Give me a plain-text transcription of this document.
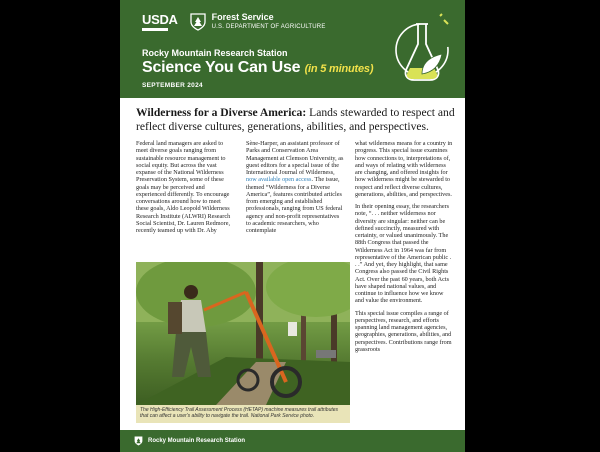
USDA	Forest Service
U.S. DEPARTMENT OF AGRICULTURE
Rocky Mountain Research Station
Science You Can Use (in 5 minutes)
SEPTEMBER 2024
Wilderness for a Diverse America: Lands stewarded to respect and reflect diverse cultures, generations, abilities, and perspectives.

Federal land managers are asked to meet diverse goals ranging from sustainable resource management to social equity. But across the vast expanse of the National Wilderness Preservation System, some of these goals may be perceived and experienced differently. To encourage conversations around how to meet these goals, Aldo Leopold Wilderness Research Institute (ALWRI) Research Social Scientist, Dr. Lauren Redmore, recently teamed up with Dr. Aby

Sène-Harper, an assistant professor of Parks and Conservation Area Management at Clemson University, as guest editors for a special issue of the International Journal of Wilderness, now available open access. The issue, themed “Wilderness for a Diverse America”, features contributed articles from emerging and established professionals, ranging from US federal agency and non-profit representatives to academic researchers, who contemplate

what wilderness means for a country in progress. This special issue examines how connections to, interpretations of, and ways of relating with wilderness are changing, and offered insights for how wilderness might be stewarded to respect and reflect diverse cultures, generations, abilities, and perspectives.

In their opening essay, the researchers note, “. . . neither wilderness nor diversity are singular: neither can be defined succinctly, measured with certainty, or valued unanimously. The 88th Congress that passed the Wilderness Act in 1964 was far from representative of the American public . . .” And yet, they highlight, that same Congress also passed the Civil Rights Act. Over the past 60 years, both Acts have shaped national values, and continue to influence how we know and value the environment.

This special issue compiles a range of perspectives, research, and efforts spanning land management agencies, geographies, generations, abilities, and perspectives. Contributions range from grassroots

The High-Efficiency Trail Assessment Process (HETAP) machine measures trail attributes that can affect a user's ability to navigate the trail. National Park Service photo.
Rocky Mountain Research Station
